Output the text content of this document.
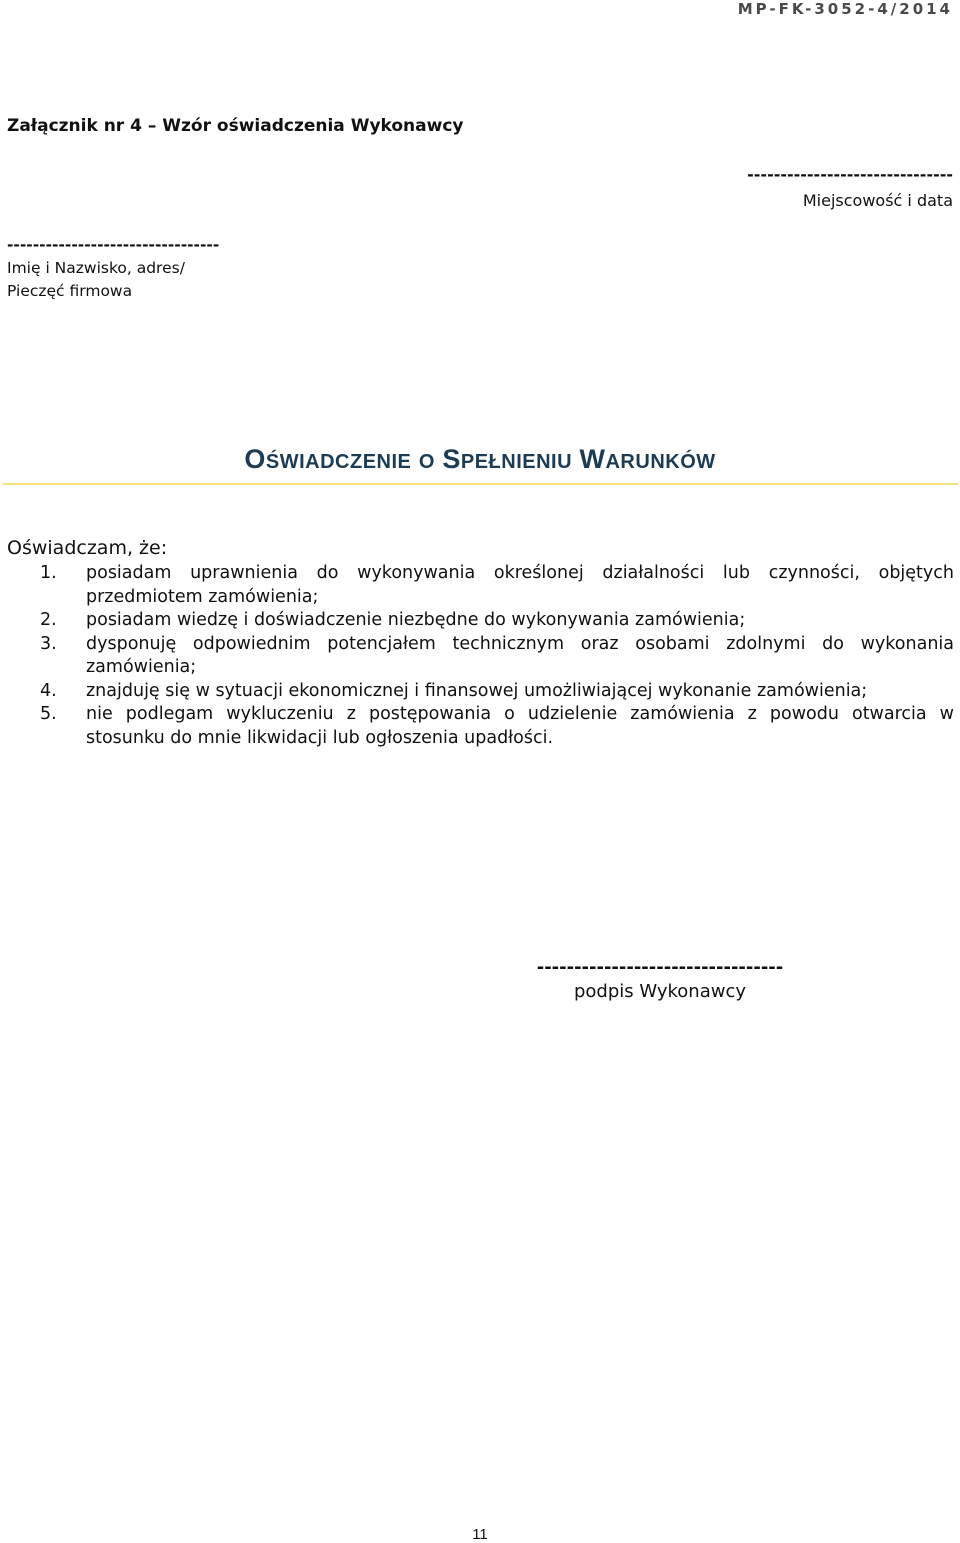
MP-FK-3052-4/2014
Załącznik nr 4 – Wzór oświadczenia Wykonawcy
-------------------------------
Miejscowość i data
---------------------------------
Imię i Nazwisko, adres/
Pieczęć firmowa
OŚWIADCZENIE O SPEŁNIENIU WARUNKÓW
Oświadczam, że:
1. posiadam uprawnienia do wykonywania określonej działalności lub czynności, objętych przedmiotem zamówienia;
2. posiadam wiedzę i doświadczenie niezbędne do wykonywania zamówienia;
3. dysponuję odpowiednim potencjałem technicznym oraz osobami zdolnymi do wykonania zamówienia;
4. znajduję się w sytuacji ekonomicznej i finansowej umożliwiającej wykonanie zamówienia;
5. nie podlegam wykluczeniu z postępowania o udzielenie zamówienia z powodu otwarcia w stosunku do mnie likwidacji lub ogłoszenia upadłości.
---------------------------------
podpis Wykonawcy
11
